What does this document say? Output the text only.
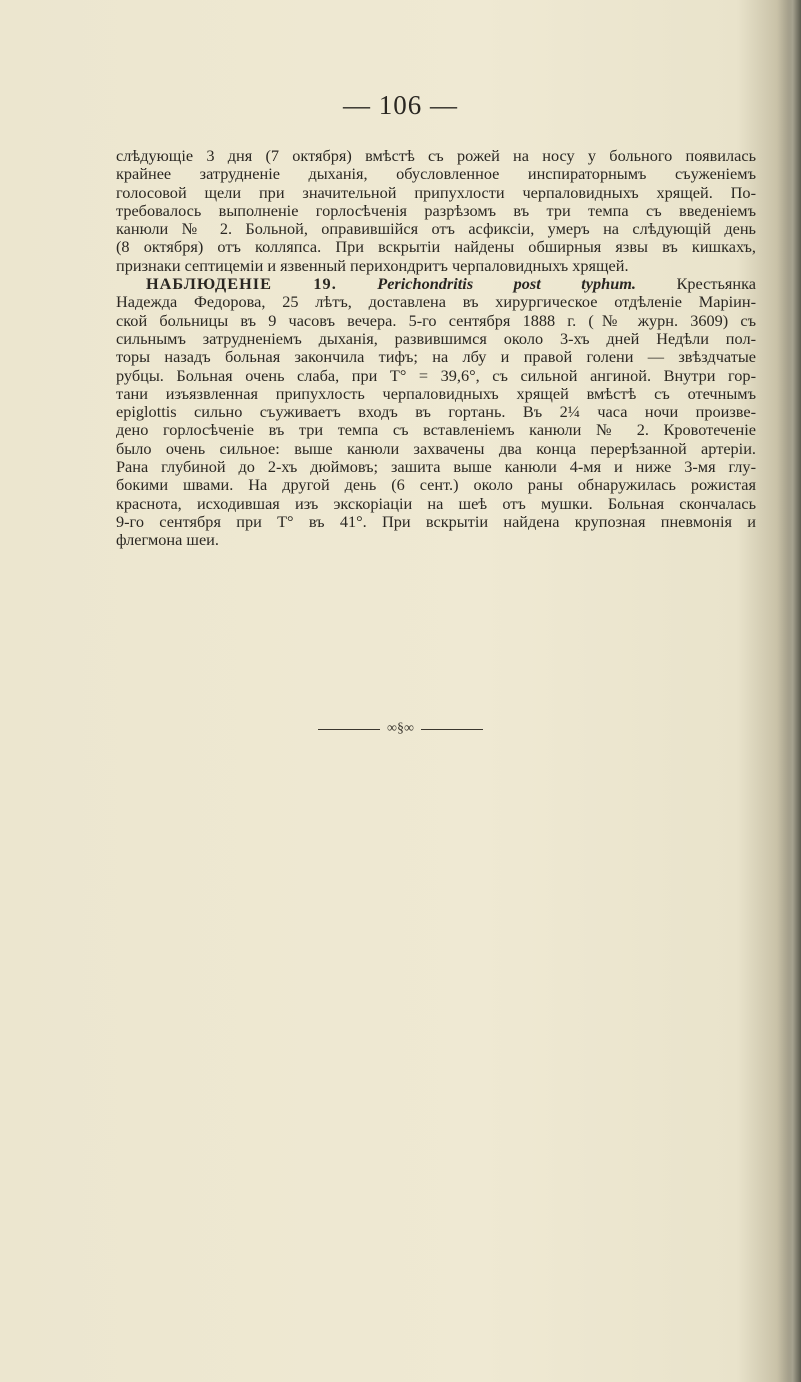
— 106 —
слѣдующіе 3 дня (7 октября) вмѣстѣ съ рожей на носу у больного появилась
крайнее затрудненіе дыханія, обусловленное инспираторнымъ съуженіемъ
голосовой щели при значительной припухлости черпаловидныхъ хрящей. По-
требовалось выполненіе горлосѣченія разрѣзомъ въ три темпа съ введеніемъ
канюли № 2. Больной, оправившійся отъ асфиксіи, умеръ на слѣдующій день
(8 октября) отъ колляпса. При вскрытіи найдены обширныя язвы въ кишкахъ,
признаки септицеміи и язвенный перихондритъ черпаловидныхъ хрящей.
НАБЛЮДЕНІЕ 19. Perichondritis post typhum. Крестьянка
Надежда Федорова, 25 лѣтъ, доставлена въ хирургическое отдѣленіе Маріин-
ской больницы въ 9 часовъ вечера. 5-го сентября 1888 г. (№ журн. 3609) съ
сильнымъ затрудненіемъ дыханія, развившимся около 3-хъ дней Недѣли пол-
торы назадъ больная закончила тифъ; на лбу и правой голени — звѣздчатые
рубцы. Больная очень слаба, при T° = 39,6°, съ сильной ангиной. Внутри гор-
тани изъязвленная припухлость черпаловидныхъ хрящей вмѣстѣ съ отечнымъ
epiglottis сильно съуживаетъ входъ въ гортань. Въ 2¼ часа ночи произве-
дено горлосѣченіе въ три темпа съ вставленіемъ канюли № 2. Кровотеченіе
было очень сильное: выше канюли захвачены два конца перерѣзанной артеріи.
Рана глубиной до 2-хъ дюймовъ; зашита выше канюли 4-мя и ниже 3-мя глу-
бокими швами. На другой день (6 сент.) около раны обнаружилась рожистая
краснота, исходившая изъ экскоріаціи на шеѣ отъ мушки. Больная скончалась
9-го сентября при T° въ 41°. При вскрытіи найдена крупозная пневмонія и
флегмона шеи.
∞§∞
